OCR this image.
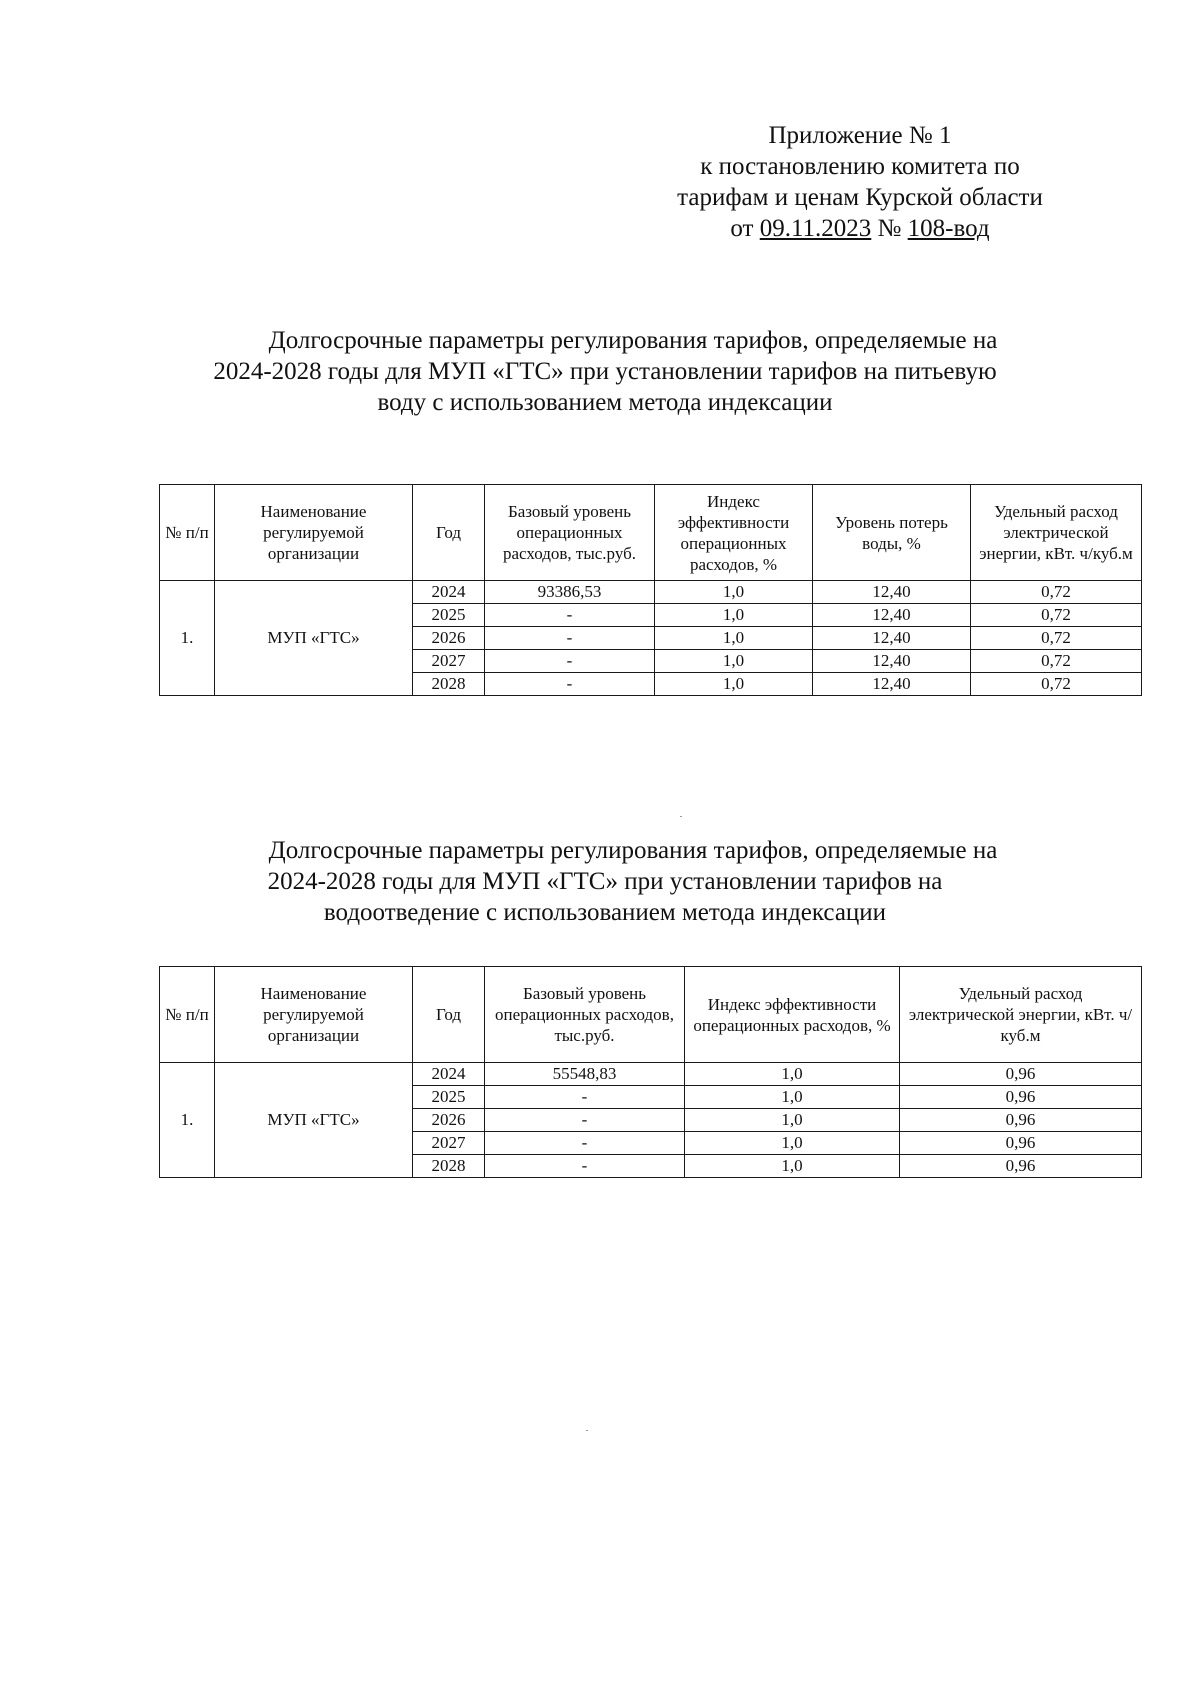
Приложение № 1
к постановлению комитета по
тарифам и ценам Курской области
от 09.11.2023 № 108-вод
Долгосрочные параметры регулирования тарифов, определяемые на
2024-2028 годы для МУП «ГТС» при установлении тарифов на питьевую
воду с использованием метода индексации
№ п/п	Наименование регулируемой организации	Год	Базовый уровень операционных расходов, тыс.руб.	Индекс эффективности операционных расходов, %	Уровень потерь воды, %	Удельный расход электрической энергии, кВт. ч/куб.м
1.	МУП «ГТС»	2024	93386,53	1,0	12,40	0,72
		2025	-	1,0	12,40	0,72
		2026	-	1,0	12,40	0,72
		2027	-	1,0	12,40	0,72
		2028	-	1,0	12,40	0,72
Долгосрочные параметры регулирования тарифов, определяемые на
2024-2028 годы для МУП «ГТС» при установлении тарифов на
водоотведение с использованием метода индексации
№ п/п	Наименование регулируемой организации	Год	Базовый уровень операционных расходов, тыс.руб.	Индекс эффективности операционных расходов, %	Удельный расход электрической энергии, кВт. ч/куб.м
1.	МУП «ГТС»	2024	55548,83	1,0	0,96
		2025	-	1,0	0,96
		2026	-	1,0	0,96
		2027	-	1,0	0,96
		2028	-	1,0	0,96
